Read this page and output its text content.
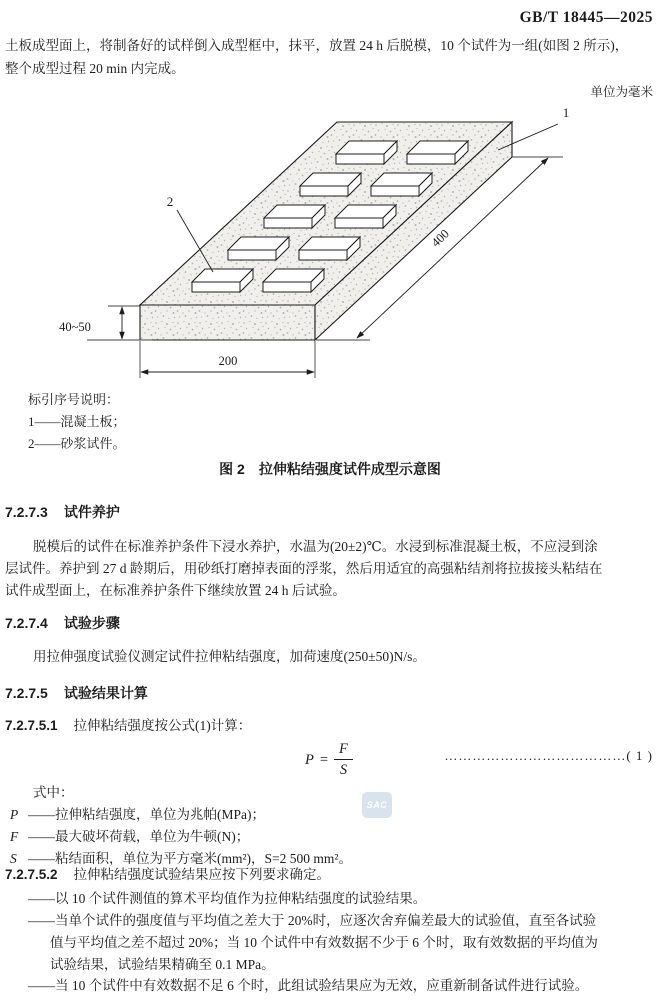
GB/T 18445—2025
土板成型面上，将制备好的试样倒入成型框中，抹平，放置 24 h 后脱模，10 个试件为一组(如图 2 所示)，
整个成型过程 20 min 内完成。
单位为毫米
40~50
200
400
1
2
标引序号说明：
1——混凝土板；
2——砂浆试件。
图 2　拉伸粘结强度试件成型示意图
7.2.7.3 试件养护
脱模后的试件在标准养护条件下浸水养护，水温为(20±2)℃。水浸到标准混凝土板，不应浸到涂
层试件。养护到 27 d 龄期后，用砂纸打磨掉表面的浮浆，然后用适宜的高强粘结剂将拉拔接头粘结在
试件成型面上，在标准养护条件下继续放置 24 h 后试验。
7.2.7.4 试验步骤
用拉伸强度试验仪测定试件拉伸粘结强度，加荷速度(250±50)N/s。
7.2.7.5 试验结果计算
7.2.7.5.1 拉伸粘结强度按公式(1)计算：
$P = \frac{F}{S}$	…………………………………( 1 )
式中：
P ——拉伸粘结强度，单位为兆帕(MPa)；
F ——最大破坏荷载，单位为牛顿(N)；
S ——粘结面积，单位为平方毫米(mm²)，S=2 500 mm²。
7.2.7.5.2 拉伸粘结强度试验结果应按下列要求确定。
——以 10 个试件测值的算术平均值作为拉伸粘结强度的试验结果。
——当单个试件的强度值与平均值之差大于 20%时，应逐次舍弃偏差最大的试验值，直至各试验
值与平均值之差不超过 20%；当 10 个试件中有效数据不少于 6 个时，取有效数据的平均值为
试验结果，试验结果精确至 0.1 MPa。
——当 10 个试件中有效数据不足 6 个时，此组试验结果应为无效，应重新制备试件进行试验。
SAC
